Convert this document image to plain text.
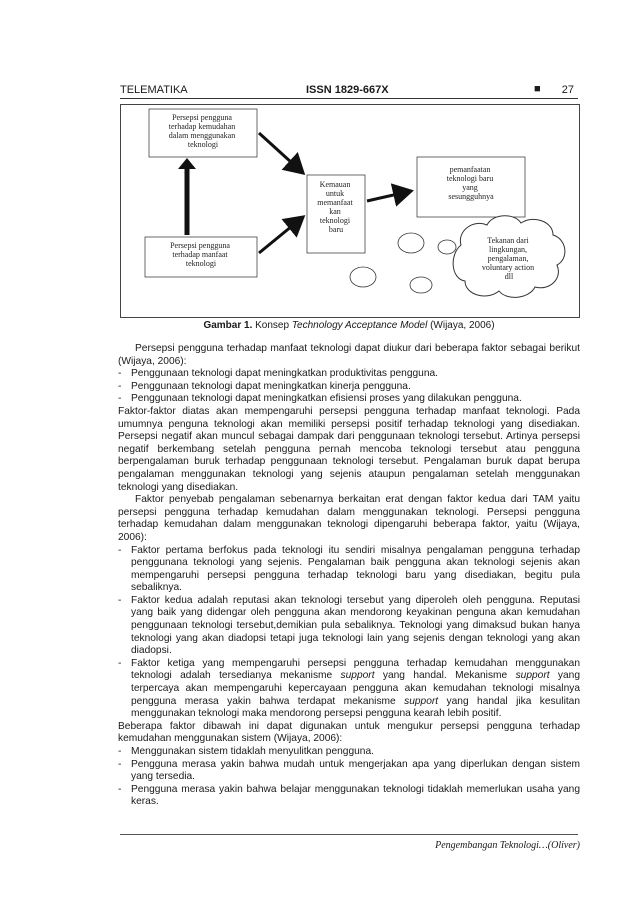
TELEMATIKA	ISSN 1829-667X	■ 27
Persepsi pengguna terhadap kemudahan dalam menggunakan teknologi
Persepsi pengguna terhadap manfaat teknologi
Kemauan untuk memanfaat kan teknologi baru
pemanfaatan teknologi baru yang sesungguhnya
Tekanan dari lingkungan, pengalaman, voluntary action dll
Gambar 1. Konsep Technology Acceptance Model (Wijaya, 2006)

Persepsi pengguna terhadap manfaat teknologi dapat diukur dari beberapa faktor sebagai berikut (Wijaya, 2006):

- Penggunaan teknologi dapat meningkatkan produktivitas pengguna.
- Penggunaan teknologi dapat meningkatkan kinerja pengguna.
- Penggunaan teknologi dapat meningkatkan efisiensi proses yang dilakukan pengguna.

Faktor-faktor diatas akan mempengaruhi persepsi pengguna terhadap manfaat teknologi. Pada umumnya penguna teknologi akan memiliki persepsi positif terhadap teknologi yang disediakan. Persepsi negatif akan muncul sebagai dampak dari penggunaan teknologi tersebut. Artinya persepsi negatif berkembang setelah pengguna pernah mencoba teknologi tersebut atau pengguna berpengalaman buruk terhadap penggunaan teknologi tersebut. Pengalaman buruk dapat berupa pengalaman menggunakan teknologi yang sejenis ataupun pengalaman setelah menggunakan teknologi yang disediakan.

Faktor penyebab pengalaman sebenarnya berkaitan erat dengan faktor kedua dari TAM yaitu persepsi pengguna terhadap kemudahan dalam menggunakan teknologi. Persepsi pengguna terhadap kemudahan dalam menggunakan teknologi dipengaruhi beberapa faktor, yaitu (Wijaya, 2006):

- Faktor pertama berfokus pada teknologi itu sendiri misalnya pengalaman pengguna terhadap penggunana teknologi yang sejenis. Pengalaman baik pengguna akan teknologi sejenis akan mempengaruhi persepsi pengguna terhadap teknologi baru yang disediakan, begitu pula sebaliknya.
- Faktor kedua adalah reputasi akan teknologi tersebut yang diperoleh oleh pengguna. Reputasi yang baik yang didengar oleh pengguna akan mendorong keyakinan penguna akan kemudahan penggunaan teknologi tersebut,demikian pula sebaliknya. Teknologi yang dimaksud bukan hanya teknologi yang akan diadopsi tetapi juga teknologi lain yang sejenis dengan teknologi yang akan diadopsi.
- Faktor ketiga yang mempengaruhi persepsi pengguna terhadap kemudahan menggunakan teknologi adalah tersedianya mekanisme support yang handal. Mekanisme support yang terpercaya akan mempengaruhi kepercayaan pengguna akan kemudahan teknologi misalnya pengguna merasa yakin bahwa terdapat mekanisme support yang handal jika kesulitan menggunakan teknologi maka mendorong persepsi pengguna kearah lebih positif.

Beberapa faktor dibawah ini dapat digunakan untuk mengukur persepsi pengguna terhadap kemudahan menggunakan sistem (Wijaya, 2006):

- Menggunakan sistem tidaklah menyulitkan pengguna.
- Pengguna merasa yakin bahwa mudah untuk mengerjakan apa yang diperlukan dengan sistem yang tersedia.
- Pengguna merasa yakin bahwa belajar menggunakan teknologi tidaklah memerlukan usaha yang keras.
Pengembangan Teknologi…(Oliver)
